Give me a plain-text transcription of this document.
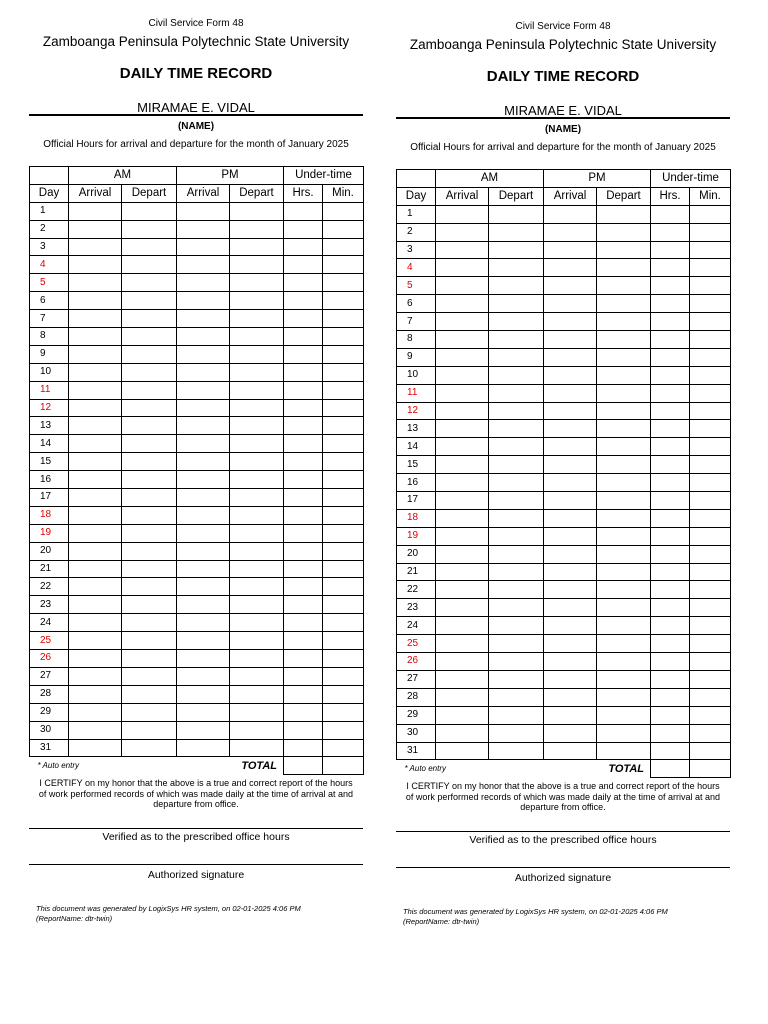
Civil Service Form 48
Zamboanga Peninsula Polytechnic State University
DAILY TIME RECORD
MIRAMAE E. VIDAL
(NAME)
Official Hours for arrival and departure for the month of January 2025
	AM		PM		Under-time	
Day	Arrival	Depart	Arrival	Depart	Hrs.	Min.
1						
2						
3						
4						
5						
6						
7						
8						
9						
10						
11						
12						
13						
14						
15						
16						
17						
18						
19						
20						
21						
22						
23						
24						
25						
26						
27						
28						
29						
30						
31						
* Auto entry			TOTAL			
I CERTIFY on my honor that the above is a true and correct report of the hours of work performed records of which was made daily at the time of arrival at and departure from office.
Verified as to the prescribed office hours
Authorized signature
This document was generated by LogixSys HR system, on 02-01-2025 4:06 PM
(ReportName: dtr-twin)
Civil Service Form 48
Zamboanga Peninsula Polytechnic State University
DAILY TIME RECORD
MIRAMAE E. VIDAL
(NAME)
Official Hours for arrival and departure for the month of January 2025
	AM		PM		Under-time	
Day	Arrival	Depart	Arrival	Depart	Hrs.	Min.
1						
2						
3						
4						
5						
6						
7						
8						
9						
10						
11						
12						
13						
14						
15						
16						
17						
18						
19						
20						
21						
22						
23						
24						
25						
26						
27						
28						
29						
30						
31						
* Auto entry			TOTAL			
I CERTIFY on my honor that the above is a true and correct report of the hours of work performed records of which was made daily at the time of arrival at and departure from office.
Verified as to the prescribed office hours
Authorized signature
This document was generated by LogixSys HR system, on 02-01-2025 4:06 PM
(ReportName: dtr-twin)
